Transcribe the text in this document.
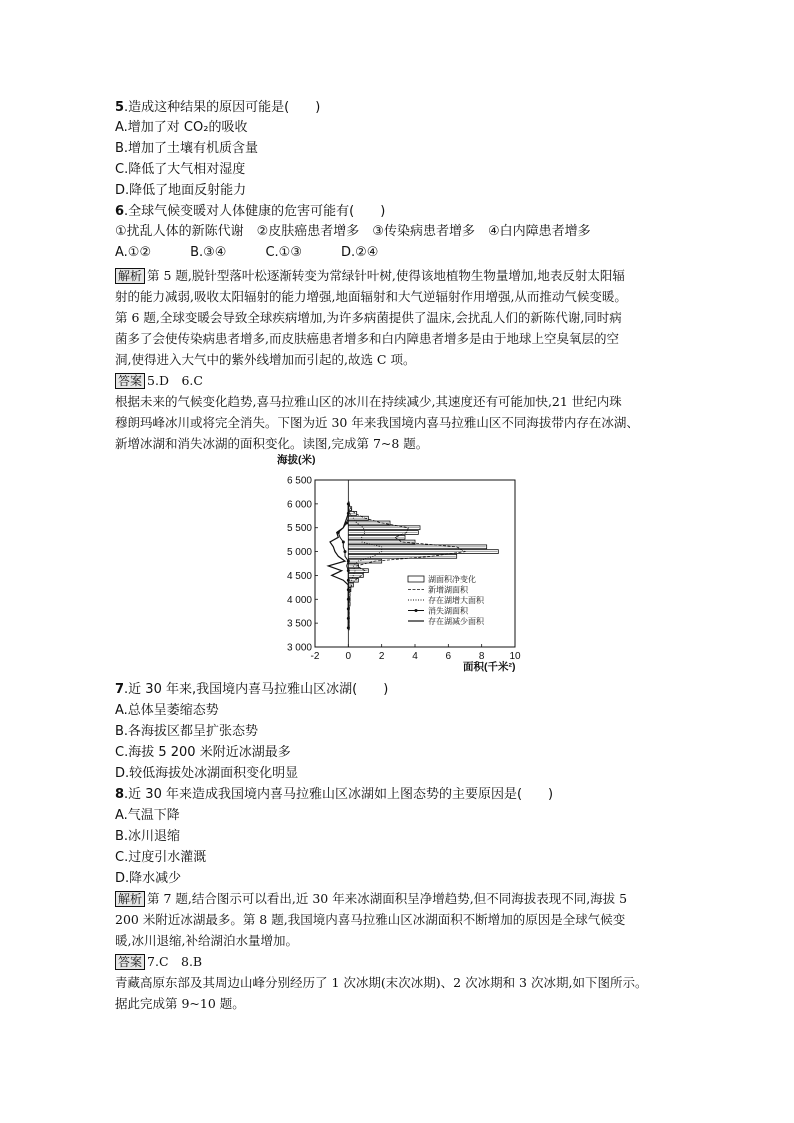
5.造成这种结果的原因可能是(　　)
A.增加了对 CO₂的吸收
B.增加了土壤有机质含量
C.降低了大气相对湿度
D.降低了地面反射能力
6.全球气候变暖对人体健康的危害可能有(　　)
①扰乱人体的新陈代谢　②皮肤癌患者增多　③传染病患者增多　④白内障患者增多
A.①②　　　B.③④　　　C.①③　　　D.②④
解析 第 5 题,脱针型落叶松逐渐转变为常绿针叶树,使得该地植物生物量增加,地表反射太阳辐
射的能力减弱,吸收太阳辐射的能力增强,地面辐射和大气逆辐射作用增强,从而推动气候变暖。
第 6 题,全球变暖会导致全球疾病增加,为许多病菌提供了温床,会扰乱人们的新陈代谢,同时病
菌多了会使传染病患者增多,而皮肤癌患者增多和白内障患者增多是由于地球上空臭氧层的空
洞,使得进入大气中的紫外线增加而引起的,故选 C 项。
答案 5.D　6.C
根据未来的气候变化趋势,喜马拉雅山区的冰川在持续减少,其速度还有可能加快,21 世纪内珠
穆朗玛峰冰川或将完全消失。下图为近 30 年来我国境内喜马拉雅山区不同海拔带内存在冰湖、
新增冰湖和消失冰湖的面积变化。读图,完成第 7~8 题。
海拔(米)
面积(千米²)
-2	0	2	4	6	8 10
3 000
3 500
4 000
4 500
5 000
5 500
6 000
6 500
湖面积净变化
新增湖面积
存在湖增大面积
消失湖面积
存在湖减少面积
7.近 30 年来,我国境内喜马拉雅山区冰湖(　　)
A.总体呈萎缩态势
B.各海拔区都呈扩张态势
C.海拔 5 200 米附近冰湖最多
D.较低海拔处冰湖面积变化明显
8.近 30 年来造成我国境内喜马拉雅山区冰湖如上图态势的主要原因是(　　)
A.气温下降
B.冰川退缩
C.过度引水灌溉
D.降水减少
解析 第 7 题,结合图示可以看出,近 30 年来冰湖面积呈净增趋势,但不同海拔表现不同,海拔 5
200 米附近冰湖最多。第 8 题,我国境内喜马拉雅山区冰湖面积不断增加的原因是全球气候变
暖,冰川退缩,补给湖泊水量增加。
答案 7.C　8.B
青藏高原东部及其周边山峰分别经历了 1 次冰期(末次冰期)、2 次冰期和 3 次冰期,如下图所示。
据此完成第 9~10 题。
